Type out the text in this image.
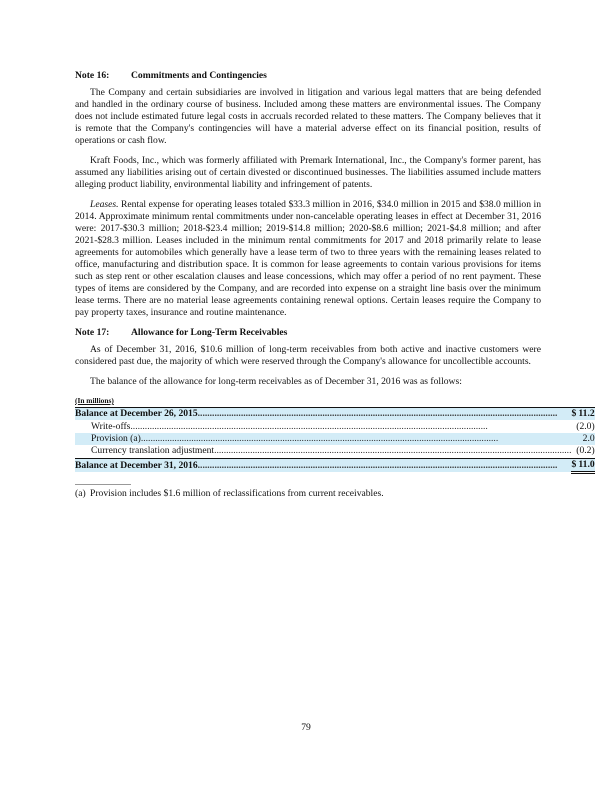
Note 16:	Commitments and Contingencies

The Company and certain subsidiaries are involved in litigation and various legal matters that are being defended and handled in the ordinary course of business. Included among these matters are environmental issues. The Company does not include estimated future legal costs in accruals recorded related to these matters. The Company believes that it is remote that the Company's contingencies will have a material adverse effect on its financial position, results of operations or cash flow.

Kraft Foods, Inc., which was formerly affiliated with Premark International, Inc., the Company's former parent, has assumed any liabilities arising out of certain divested or discontinued businesses. The liabilities assumed include matters alleging product liability, environmental liability and infringement of patents.

Leases. Rental expense for operating leases totaled $33.3 million in 2016, $34.0 million in 2015 and $38.0 million in 2014. Approximate minimum rental commitments under non-cancelable operating leases in effect at December 31, 2016 were: 2017-$30.3 million; 2018-$23.4 million; 2019-$14.8 million; 2020-$8.6 million; 2021-$4.8 million; and after 2021-$28.3 million. Leases included in the minimum rental commitments for 2017 and 2018 primarily relate to lease agreements for automobiles which generally have a lease term of two to three years with the remaining leases related to office, manufacturing and distribution space. It is common for lease agreements to contain various provisions for items such as step rent or other escalation clauses and lease concessions, which may offer a period of no rent payment. These types of items are considered by the Company, and are recorded into expense on a straight line basis over the minimum lease terms. There are no material lease agreements containing renewal options. Certain leases require the Company to pay property taxes, insurance and routine maintenance.

Note 17:	Allowance for Long-Term Receivables

As of December 31, 2016, $10.6 million of long-term receivables from both active and inactive customers were considered past due, the majority of which were reserved through the Company's allowance for uncollectible accounts.

The balance of the allowance for long-term receivables as of December 31, 2016 was as follows:

(In millions)
Balance at December 26, 2015......................................................................................................................................................	$	11.2
Write-offs.....................................................................................................................................................		(2.0)
Provision (a).....................................................................................................................................................		2.0
Currency translation adjustment.....................................................................................................................................................		(0.2)
Balance at December 31, 2016......................................................................................................................................................	$	11.0
(a) Provision includes $1.6 million of reclassifications from current receivables.
79
